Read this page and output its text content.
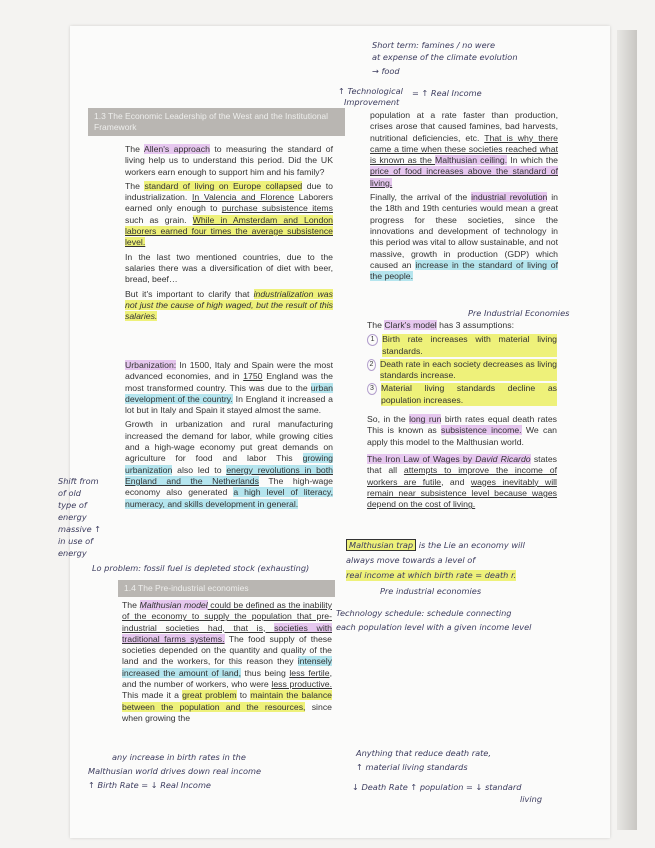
1.3 The Economic Leadership of the West and the Institutional Framework

The Allen's approach to measuring the standard of living help us to understand this period. Did the UK workers earn enough to support him and his family?

The standard of living on Europe collapsed due to industrialization. In Valencia and Florence Laborers earned only enough to purchase subsistence items such as grain. While in Amsterdam and London laborers earned four times the average subsistence level.

In the last two mentioned countries, due to the salaries there was a diversification of diet with beer, bread, beef…

But it's important to clarify that industrialization was not just the cause of high waged, but the result of this salaries.

Urbanization: In 1500, Italy and Spain were the most advanced economies, and in 1750 England was the most transformed country. This was due to the urban development of the country. In England it increased a lot but in Italy and Spain it stayed almost the same.

Growth in urbanization and rural manufacturing increased the demand for labor, while growing cities and a high-wage economy put great demands on agriculture for food and labor This growing urbanization also led to energy revolutions in both England and the Netherlands The high-wage economy also generated a high level of literacy, numeracy, and skills development in general.

1.4 The Pre-industrial economies

The Malthusian model could be defined as the inability of the economy to supply the population that pre-industrial societies had, that is, societies with traditional farms systems. The food supply of these societies depended on the quantity and quality of the land and the workers, for this reason they intensely increased the amount of land, thus being less fertile, and the number of workers, who were less productive. This made it a great problem to maintain the balance between the population and the resources, since when growing the

population at a rate faster than production, crises arose that caused famines, bad harvests, nutritional deficiencies, etc. That is why there came a time when these societies reached what is known as the Malthusian ceiling. In which the price of food increases above the standard of living.

Finally, the arrival of the industrial revolution in the 18th and 19th centuries would mean a great progress for these societies, since the innovations and development of technology in this period was vital to allow sustainable, and not massive, growth in production (GDP) which caused an increase in the standard of living of the people.

The Clark's model has 3 assumptions:

1 Birth rate increases with material living standards.
2 Death rate in each society decreases as living standards increase.
3 Material living standards decline as population increases.

So, in the long run birth rates equal death rates This is known as subsistence income. We can apply this model to the Malthusian world.

The Iron Law of Wages by David Ricardo states that all attempts to improve the income of workers are futile, and wages inevitably will remain near subsistence level because wages depend on the cost of living.

Short term: famines / no were
at expense of the climate evolution
→ food
↑ Technological = ↑ Real Income
Improvement
Pre Industrial Economies
Shift from
of old
type of
energy
massive ↑
in use of
energy
Lo problem: fossil fuel is depleted stock (exhausting)
Malthusian trap is the Lie an economy will
always move towards a level of
real income at which birth rate = death r.
Pre industrial economies
Technology schedule: schedule connecting
each population level with a given income level
any increase in birth rates in the
Malthusian world drives down real income
↑ Birth Rate = ↓ Real Income
Anything that reduce death rate,
↑ material living standards
↓ Death Rate ↑ population = ↓ standard
living
